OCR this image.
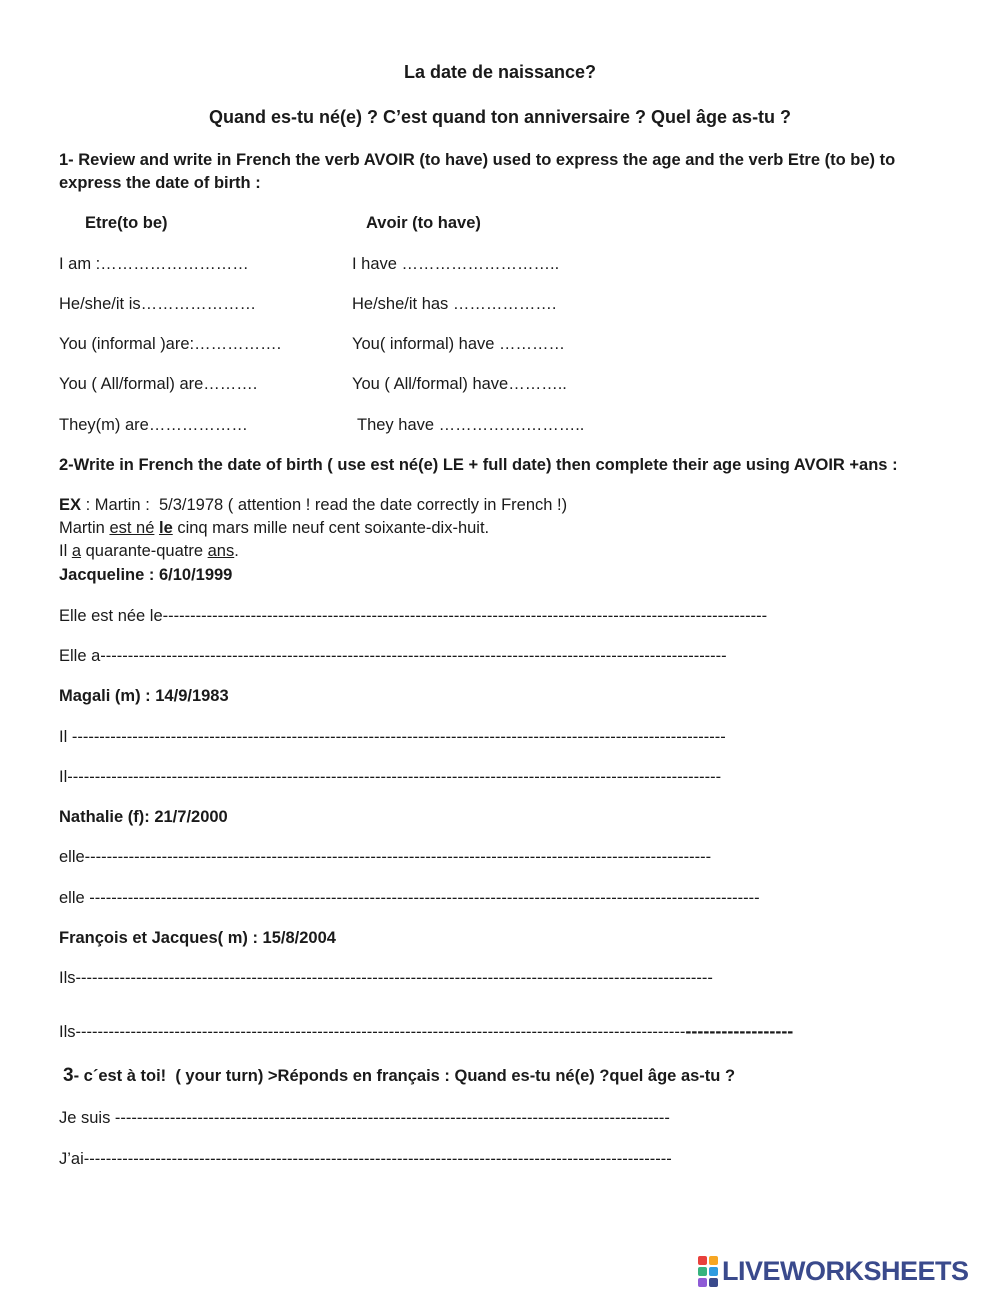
La date de naissance?
Quand es-tu né(e) ? C’est quand ton anniversaire ? Quel âge as-tu ?
1- Review and write in French the verb AVOIR (to have) used to express the age and the verb Etre (to be) to
express the date of birth :
Etre(to be)	Avoir (to have)
I am :………………………	I have ………………………..
He/she/it is…………………	He/she/it has ……………….
You (informal )are:…………….	You( informal) have …………
You ( All/formal) are……….	You ( All/formal) have………..
They(m) are………………	They have …………….………..
2-Write in French the date of birth ( use est né(e) LE + full date) then complete their age using AVOIR +ans :
EX : Martin :  5/3/1978 ( attention ! read the date correctly in French !)
Martin est né le cinq mars mille neuf cent soixante-dix-huit.
Il a quarante-quatre ans.
Jacqueline : 6/10/1999
Elle est née le--------------------------------------------------------------------------------------------------------------
Elle a------------------------------------------------------------------------------------------------------------------
Magali (m) : 14/9/1983
Il -----------------------------------------------------------------------------------------------------------------------
Il-----------------------------------------------------------------------------------------------------------------------
Nathalie (f): 21/7/2000
elle------------------------------------------------------------------------------------------------------------------
elle --------------------------------------------------------------------------------------------------------------------------
François et Jacques( m) : 15/8/2004
Ils--------------------------------------------------------------------------------------------------------------------
Ils---------------------------------------------------------------------------------------------------------------------------------
3- c´est à toi!  ( your turn) >Réponds en français : Quand es-tu né(e) ?quel âge as-tu ?
Je suis -----------------------------------------------------------------------------------------------------
J’ai-----------------------------------------------------------------------------------------------------------
LIVEWORKSHEETS
